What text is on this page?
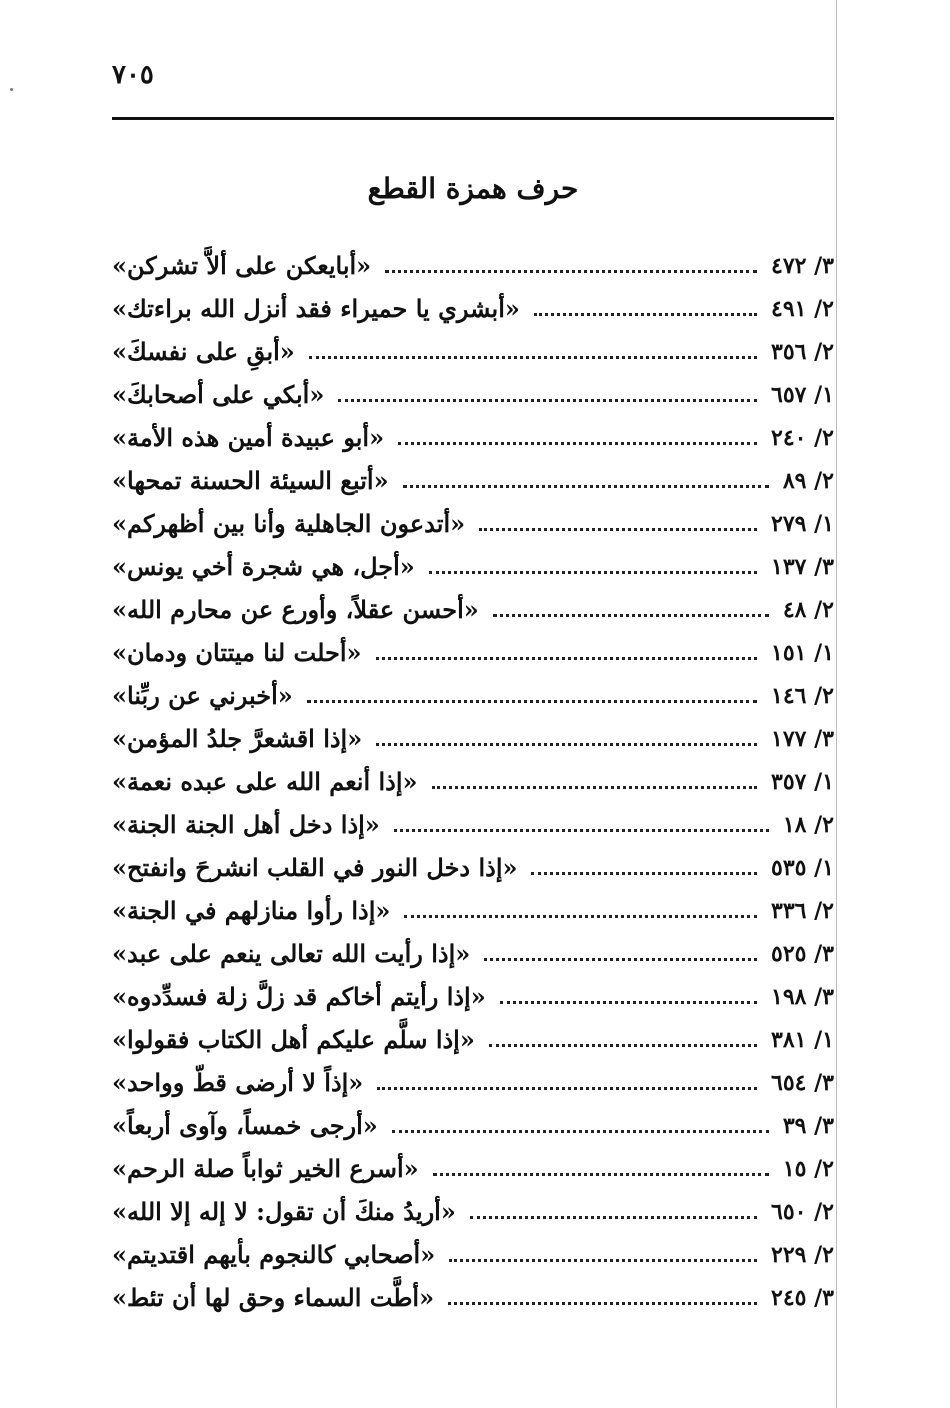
٧٠٥
حرف همزة القطع
«أبايعكن على ألاَّ تشركن»	٣/ ٤٧٢
«أبشري يا حميراء فقد أنزل الله براءتك»	٢/ ٤٩١
«أبقِ على نفسكَ»	٢/ ٣٥٦
«أبكي على أصحابكَ»	١/ ٦٥٧
«أبو عبيدة أمين هذه الأمة»	٢/ ٢٤٠
«أتبع السيئة الحسنة تمحها»	٢/ ٨٩
«أتدعون الجاهلية وأنا بين أظهركم»	١/ ٢٧٩
«أجل، هي شجرة أخي يونس»	٣/ ١٣٧
«أحسن عقلاً، وأورع عن محارم الله»	٢/ ٤٨
«أحلت لنا ميتتان ودمان»	١/ ١٥١
«أخبرني عن ربِّنا»	٢/ ١٤٦
«إذا اقشعرَّ جلدُ المؤمن»	٣/ ١٧٧
«إذا أنعم الله على عبده نعمة»	١/ ٣٥٧
«إذا دخل أهل الجنة الجنة»	٢/ ١٨
«إذا دخل النور في القلب انشرحَ وانفتح»	١/ ٥٣٥
«إذا رأوا منازلهم في الجنة»	٢/ ٣٣٦
«إذا رأيت الله تعالى ينعم على عبد»	٣/ ٥٢٥
«إذا رأيتم أخاكم قد زلَّ زلة فسدِّدوه»	٣/ ١٩٨
«إذا سلَّم عليكم أهل الكتاب فقولوا»	١/ ٣٨١
«إذاً لا أرضى قطّ وواحد»	٣/ ٦٥٤
«أرجى خمساً، وآوى أربعاً»	٣/ ٣٩
«أسرع الخير ثواباً صلة الرحم»	٢/ ١٥
«أريدُ منكَ أن تقول: لا إله إلا الله»	٢/ ٦٥٠
«أصحابي كالنجوم بأيهم اقتديتم»	٢/ ٢٢٩
«أطَّت السماء وحق لها أن تئط»	٣/ ٢٤٥
